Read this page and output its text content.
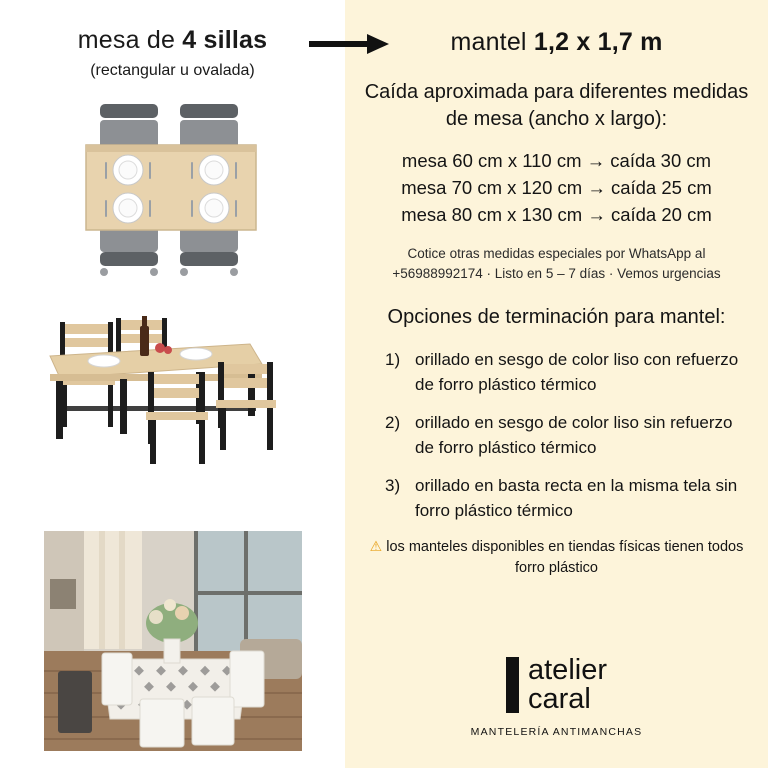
mesa de 4 sillas
(rectangular u ovalada)
mantel 1,2 x 1,7 m
Caída aproximada para diferentes medidas de mesa (ancho x largo):
mesa 60 cm x 110 cm → caída 30 cm
mesa 70 cm x 120 cm → caída 25 cm
mesa 80 cm x 130 cm → caída 20 cm
Cotice otras medidas especiales por WhatsApp al
+56988992174 · Listo en 5 – 7 días · Vemos urgencias
Opciones de terminación para mantel:
1) orillado en sesgo de color liso con refuerzo de forro plástico térmico
2) orillado en sesgo de color liso sin refuerzo de forro plástico térmico
3) orillado en basta recta en la misma tela sin forro plástico térmico
⚠ los manteles disponibles en tiendas físicas tienen todos forro plástico
atelier
caral
MANTELERÍA ANTIMANCHAS
